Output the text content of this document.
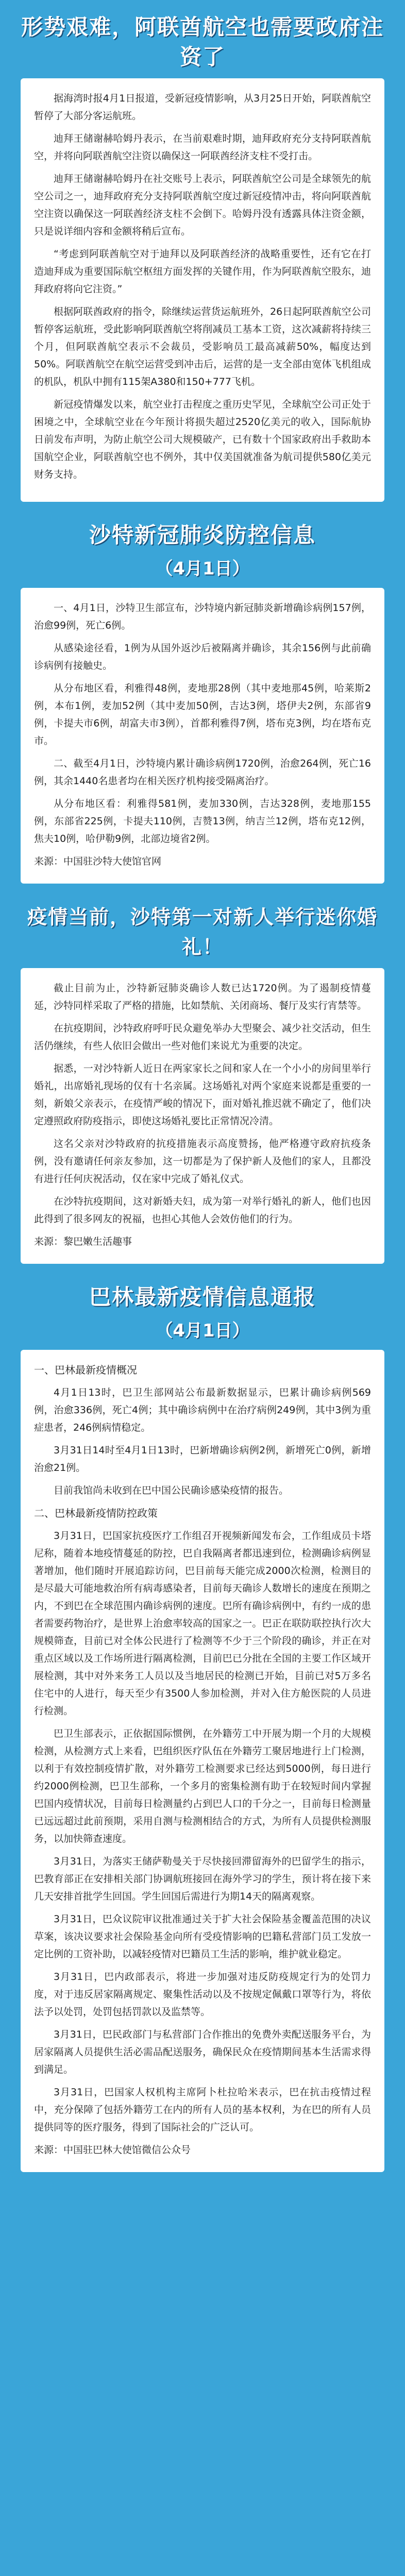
形势艰难，阿联酋航空也需要政府注资了

据海湾时报4月1日报道，受新冠疫情影响，从3月25日开始，阿联酋航空暂停了大部分客运航班。

迪拜王储谢赫哈姆丹表示，在当前艰难时期，迪拜政府充分支持阿联酋航空，并将向阿联酋航空注资以确保这一阿联酋经济支柱不受打击。

迪拜王储谢赫哈姆丹在社交账号上表示，阿联酋航空公司是全球领先的航空公司之一，迪拜政府充分支持阿联酋航空度过新冠疫情冲击，将向阿联酋航空注资以确保这一阿联酋经济支柱不会倒下。哈姆丹没有透露具体注资金额，只是说详细内容和金额将稍后宣布。

“考虑到阿联酋航空对于迪拜以及阿联酋经济的战略重要性，还有它在打造迪拜成为重要国际航空枢纽方面发挥的关键作用，作为阿联酋航空股东，迪拜政府将向它注资。”

根据阿联酋政府的指令，除继续运营货运航班外，26日起阿联酋航空公司暂停客运航班，受此影响阿联酋航空将削减员工基本工资，这次减薪将持续三个月，但阿联酋航空表示不会裁员，受影响员工最高减薪50%，幅度达到50%。阿联酋航空在航空运营受到冲击后，运营的是一支全部由宽体飞机组成的机队，机队中拥有115架A380和150+777飞机。

新冠疫情爆发以来，航空业打击程度之重历史罕见，全球航空公司正处于困境之中，全球航空业在今年预计将损失超过2520亿美元的收入，国际航协日前发布声明，为防止航空公司大规模破产，已有数十个国家政府出手救助本国航空企业，阿联酋航空也不例外，其中仅美国就准备为航司提供580亿美元财务支持。

沙特新冠肺炎防控信息
（4月1日）

一、4月1日，沙特卫生部宣布，沙特境内新冠肺炎新增确诊病例157例，治愈99例，死亡6例。

从感染途径看，1例为从国外返沙后被隔离并确诊，其余156例与此前确诊病例有接触史。

从分布地区看，利雅得48例，麦地那28例（其中麦地那45例，哈莱斯2例，本布1例，麦加52例（其中麦加50例，吉达3例，塔伊夫2例，东部省9例，卡提夫市6例，胡富夫市3例），首都利雅得7例，塔布克3例，均在塔布克市。

二、截至4月1日，沙特境内累计确诊病例1720例，治愈264例，死亡16例，其余1440名患者均在相关医疗机构接受隔离治疗。

从分布地区看：利雅得581例，麦加330例，吉达328例，麦地那155例，东部省225例，卡提夫110例，吉赞13例，纳吉兰12例，塔布克12例，焦夫10例，哈伊勒9例，北部边境省2例。

来源：中国驻沙特大使馆官网

疫情当前，沙特第一对新人举行迷你婚礼！

截止目前为止，沙特新冠肺炎确诊人数已达1720例。为了遏制疫情蔓延，沙特同样采取了严格的措施，比如禁航、关闭商场、餐厅及实行宵禁等。

在抗疫期间，沙特政府呼吁民众避免举办大型聚会、减少社交活动，但生活仍继续，有些人依旧会做出一些对他们来说尤为重要的决定。

据悉，一对沙特新人近日在两家家长之间和家人在一个小小的房间里举行婚礼，出席婚礼现场的仅有十名亲属。这场婚礼对两个家庭来说都是重要的一刻，新娘父亲表示，在疫情严峻的情况下，面对婚礼推迟就不确定了，他们决定遵照政府防疫指示，即使这场婚礼要比正常情况冷清。

这名父亲对沙特政府的抗疫措施表示高度赞扬，他严格遵守政府抗疫条例，没有邀请任何亲友参加，这一切都是为了保护新人及他们的家人，且都没有进行任何庆祝活动，仅在家中完成了婚礼仪式。

在沙特抗疫期间，这对新婚夫妇，成为第一对举行婚礼的新人，他们也因此得到了很多网友的祝福，也担心其他人会效仿他们的行为。

来源：黎巴嫩生活趣事

巴林最新疫情信息通报
（4月1日）

一、巴林最新疫情概况

4月1日13时，巴卫生部网站公布最新数据显示，巴累计确诊病例569例，治愈336例，死亡4例；其中确诊病例中在治疗病例249例，其中3例为重症患者，246例病情稳定。

3月31日14时至4月1日13时，巴新增确诊病例2例，新增死亡0例，新增治愈21例。

目前我馆尚未收到在巴中国公民确诊感染疫情的报告。

二、巴林最新疫情防控政策

3月31日，巴国家抗疫医疗工作组召开视频新闻发布会，工作组成员卡塔尼称，随着本地疫情蔓延的防控，巴自我隔离者都迅速到位，检测确诊病例显著增加，他们随时开展追踪访问，巴目前每天能完成2000次检测，检测目的是尽最大可能地救治所有病毒感染者，目前每天确诊人数增长的速度在预期之内，不到巴在全球范围内确诊病例的速度。巴所有确诊病例中，有约一成的患者需要药物治疗，是世界上治愈率较高的国家之一。巴正在联防联控执行次大规模筛查，目前已对全体公民进行了检测等不少于三个阶段的确诊，并正在对重点区域以及工作场所进行隔离检测，目前巴已分批在全国的主要工作区域开展检测，其中对外来务工人员以及当地居民的检测已开始，目前已对5万多名住宅中的人进行，每天至少有3500人参加检测，并对入住方舱医院的人员进行检测。

巴卫生部表示，正依据国际惯例，在外籍劳工中开展为期一个月的大规模检测，从检测方式上来看，巴组织医疗队伍在外籍劳工聚居地进行上门检测，以利于有效控制疫情扩散，对外籍劳工检测要求已经达到5000例，每日进行约2000例检测，巴卫生部称，一个多月的密集检测有助于在较短时间内掌握巴国内疫情状况，目前每日检测量约占到巴人口的千分之一，目前每日检测量已远远超过此前预期，采用自测与检测相结合的方式，为所有人员提供检测服务，以加快筛查速度。

3月31日，为落实王储萨勒曼关于尽快接回滞留海外的巴留学生的指示，巴教育部正在安排相关部门协调航班接回在海外学习的学生，预计将在接下来几天安排首批学生回国。学生回国后需进行为期14天的隔离观察。

3月31日，巴众议院审议批准通过关于扩大社会保险基金覆盖范围的决议草案，该决议要求社会保险基金向所有受疫情影响的巴籍私营部门员工发放一定比例的工资补助，以减轻疫情对巴籍员工生活的影响，维护就业稳定。

3月31日，巴内政部表示，将进一步加强对违反防疫规定行为的处罚力度，对于违反居家隔离规定、聚集性活动以及不按规定佩戴口罩等行为，将依法予以处罚，处罚包括罚款以及监禁等。

3月31日，巴民政部门与私营部门合作推出的免费外卖配送服务平台，为居家隔离人员提供生活必需品配送服务，确保民众在疫情期间基本生活需求得到满足。

3月31日，巴国家人权机构主席阿卜杜拉哈米表示，巴在抗击疫情过程中，充分保障了包括外籍劳工在内的所有人员的基本权利，为在巴的所有人员提供同等的医疗服务，得到了国际社会的广泛认可。

来源：中国驻巴林大使馆微信公众号
